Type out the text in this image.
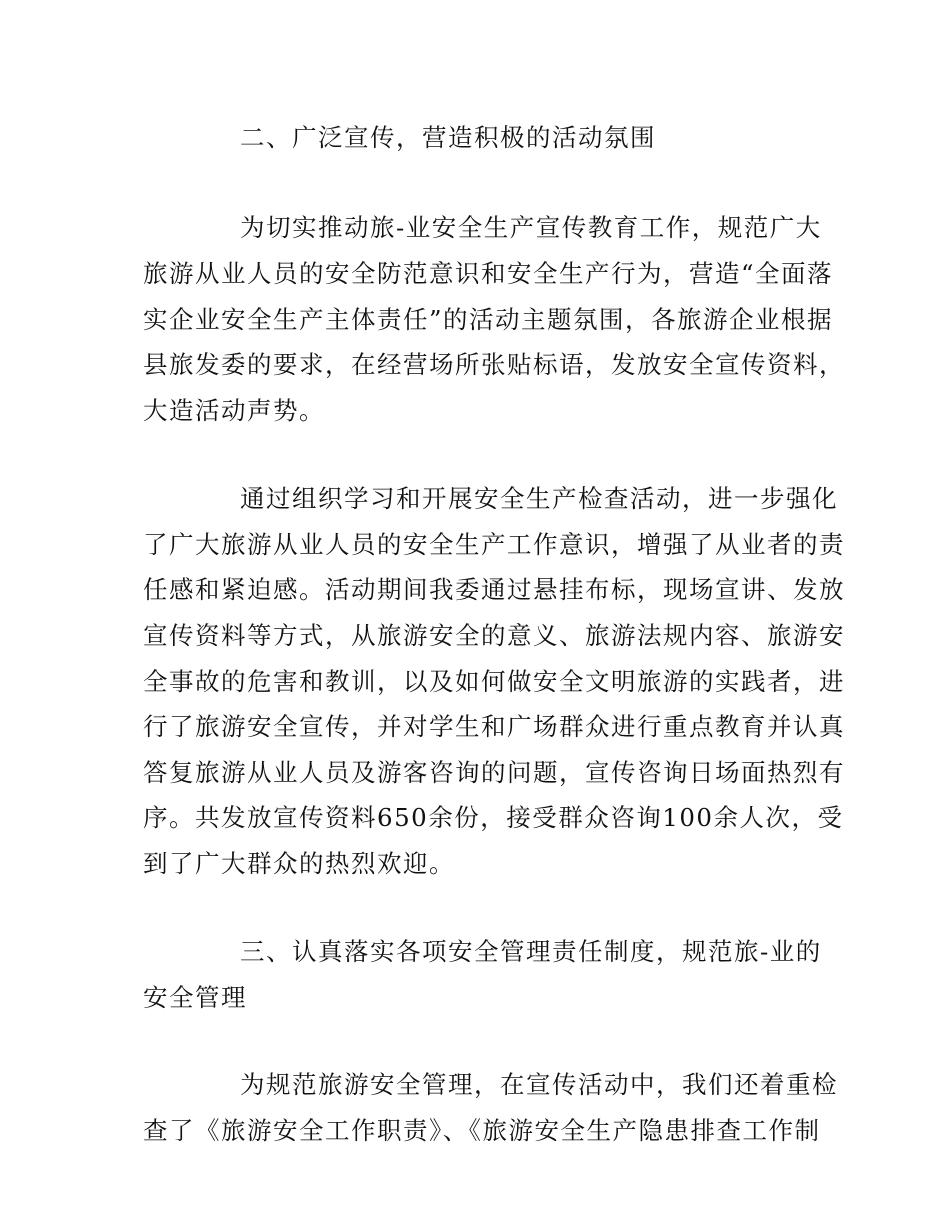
二、广泛宣传，营造积极的活动氛围
为切实推动旅-业安全生产宣传教育工作，规范广大
旅游从业人员的安全防范意识和安全生产行为，营造“全面落
实企业安全生产主体责任”的活动主题氛围，各旅游企业根据
县旅发委的要求，在经营场所张贴标语，发放安全宣传资料，
大造活动声势。
通过组织学习和开展安全生产检查活动，进一步强化
了广大旅游从业人员的安全生产工作意识，增强了从业者的责
任感和紧迫感。活动期间我委通过悬挂布标，现场宣讲、发放
宣传资料等方式，从旅游安全的意义、旅游法规内容、旅游安
全事故的危害和教训，以及如何做安全文明旅游的实践者，进
行了旅游安全宣传，并对学生和广场群众进行重点教育并认真
答复旅游从业人员及游客咨询的问题，宣传咨询日场面热烈有
序。共发放宣传资料650余份，接受群众咨询100余人次，受
到了广大群众的热烈欢迎。
三、认真落实各项安全管理责任制度，规范旅-业的
安全管理
为规范旅游安全管理，在宣传活动中，我们还着重检
查了《旅游安全工作职责》、《旅游安全生产隐患排查工作制
